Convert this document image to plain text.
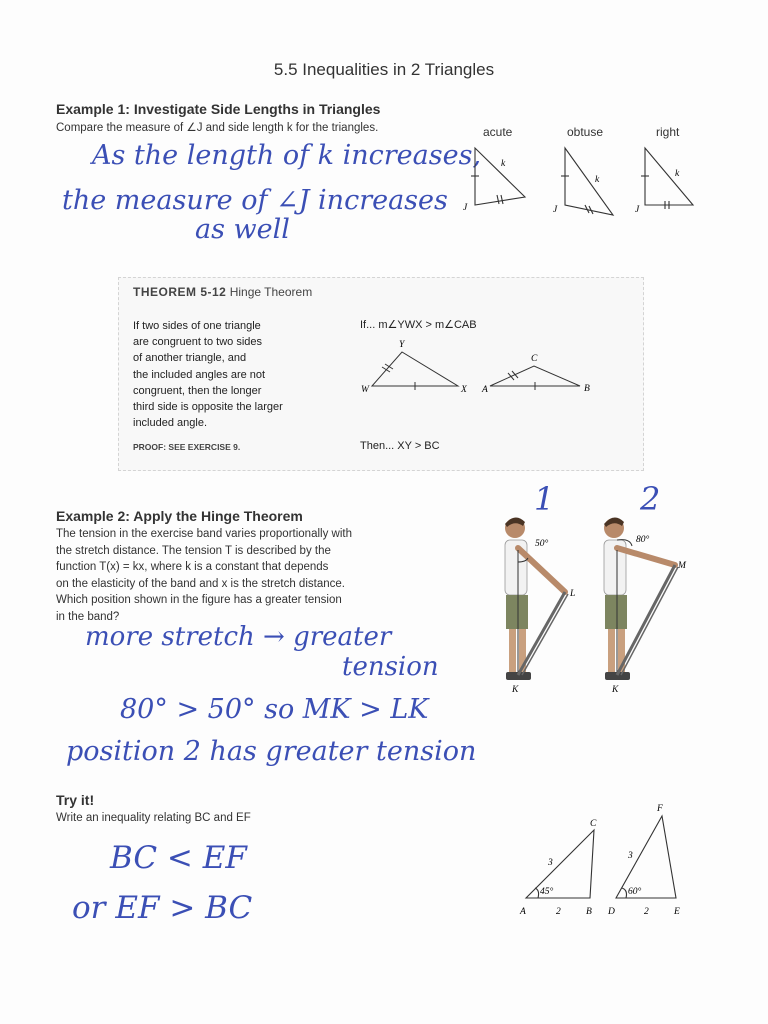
5.5 Inequalities in 2 Triangles
Example 1: Investigate Side Lengths in Triangles
Compare the measure of ∠J and side length k for the triangles.
As the length of k increases,
the measure of ∠J increases
as well
acute	obtuse	right
J
k
J
k
J
k
THEOREM 5-12 Hinge Theorem
If two sides of one triangle
are congruent to two sides
of another triangle, and
the included angles are not
congruent, then the longer
third side is opposite the larger
included angle.
PROOF: SEE EXERCISE 9.
If... m∠YWX > m∠CAB
Then... XY > BC
Y
W	X A
C
B
Example 2: Apply the Hinge Theorem
The tension in the exercise band varies proportionally with
the stretch distance. The tension T is described by the
function T(x) = kx, where k is a constant that depends
on the elasticity of the band and x is the stretch distance.
Which position shown in the figure has a greater tension
in the band?
more stretch → greater
tension
80° > 50° so MK > LK
position 2 has greater tension
1	2
50°
L
K
80°
M
K
Try it!
Write an inequality relating BC and EF
BC < EF
or EF > BC	A	B
C
D	E
F
3
2
3
2
45°	60°
